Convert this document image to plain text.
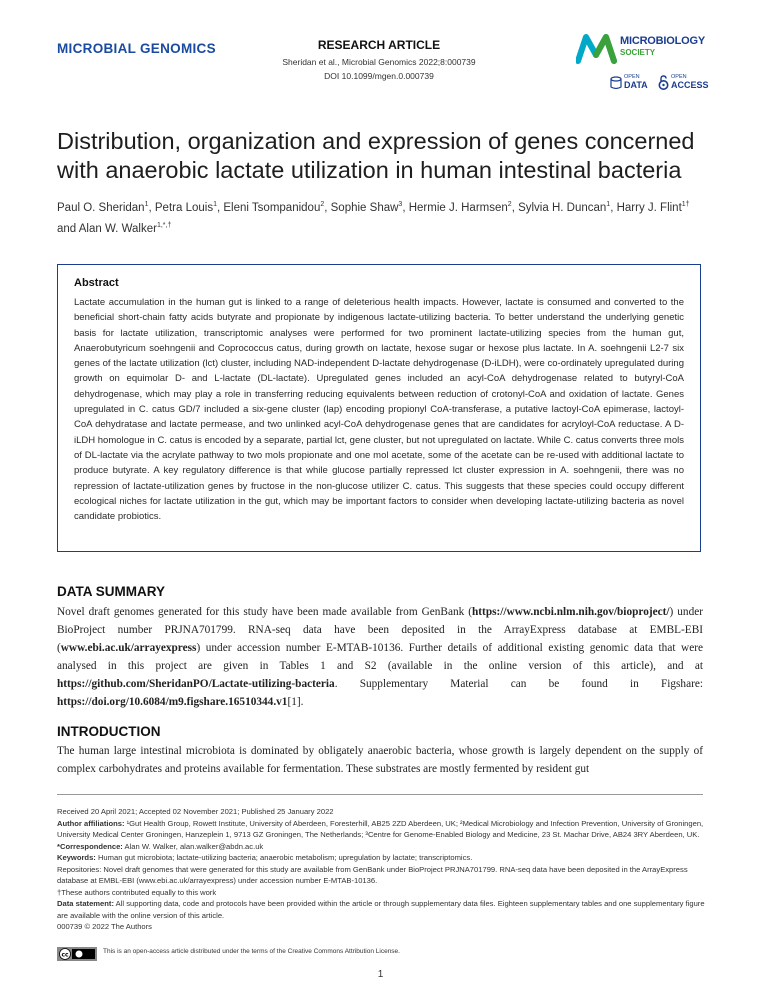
MICROBIAL GENOMICS	RESEARCH ARTICLE
Sheridan et al., Microbial Genomics 2022;8:000739
DOI 10.1099/mgen.0.000739
MICROBIOLOGY
SOCIETY
OPEN
DATA
OPEN
ACCESS
Distribution, organization and expression of genes concerned with anaerobic lactate utilization in human intestinal bacteria
Paul O. Sheridan$^1$, Petra Louis$^1$, Eleni Tsompanidou$^2$, Sophie Shaw$^3$, Hermie J. Harmsen$^2$, Sylvia H. Duncan$^1$, Harry J. Flint$^{1\dagger}$ and Alan W. Walker$^{1,*,\dagger}$
Abstract
Lactate accumulation in the human gut is linked to a range of deleterious health impacts. However, lactate is consumed and converted to the beneficial short-chain fatty acids butyrate and propionate by indigenous lactate-utilizing bacteria. To better understand the underlying genetic basis for lactate utilization, transcriptomic analyses were performed for two prominent lactate-utilizing species from the human gut, Anaerobutyricum soehngenii and Coprococcus catus, during growth on lactate, hexose sugar or hexose plus lactate. In A. soehngenii L2-7 six genes of the lactate utilization (lct) cluster, including NAD-independent D-lactate dehydrogenase (D-iLDH), were co-ordinately upregulated during growth on equimolar D- and L-lactate (DL-lactate). Upregulated genes included an acyl-CoA dehydrogenase related to butyryl-CoA dehydrogenase, which may play a role in transferring reducing equivalents between reduction of crotonyl-CoA and oxidation of lactate. Genes upregulated in C. catus GD/7 included a six-gene cluster (lap) encoding propionyl CoA-transferase, a putative lactoyl-CoA epimerase, lactoyl-CoA dehydratase and lactate permease, and two unlinked acyl-CoA dehydrogenase genes that are candidates for acryloyl-CoA reductase. A D-iLDH homologue in C. catus is encoded by a separate, partial lct, gene cluster, but not upregulated on lactate. While C. catus converts three mols of DL-lactate via the acrylate pathway to two mols propionate and one mol acetate, some of the acetate can be re-used with additional lactate to produce butyrate. A key regulatory difference is that while glucose partially repressed lct cluster expression in A. soehngenii, there was no repression of lactate-utilization genes by fructose in the non-glucose utilizer C. catus. This suggests that these species could occupy different ecological niches for lactate utilization in the gut, which may be important factors to consider when developing lactate-utilizing bacteria as novel candidate probiotics.
DATA SUMMARY
Novel draft genomes generated for this study have been made available from GenBank (https://www.ncbi.nlm.nih.gov/bioproject/) under BioProject number PRJNA701799. RNA-seq data have been deposited in the ArrayExpress database at EMBL-EBI (www.ebi.ac.uk/arrayexpress) under accession number E-MTAB-10136. Further details of additional existing genomic data that were analysed in this project are given in Tables 1 and S2 (available in the online version of this article), and at https://github.com/SheridanPO/Lactate-utilizing-bacteria. Supplementary Material can be found in Figshare: https://doi.org/10.6084/m9.figshare.16510344.v1[1].
INTRODUCTION
The human large intestinal microbiota is dominated by obligately anaerobic bacteria, whose growth is largely dependent on the supply of complex carbohydrates and proteins available for fermentation. These substrates are mostly fermented by resident gut

Received 20 April 2021; Accepted 02 November 2021; Published 25 January 2022

Author affiliations: ¹Gut Health Group, Rowett Institute, University of Aberdeen, Foresterhill, AB25 2ZD Aberdeen, UK; ²Medical Microbiology and Infection Prevention, University of Groningen, University Medical Center Groningen, Hanzeplein 1, 9713 GZ Groningen, The Netherlands; ³Centre for Genome-Enabled Biology and Medicine, 23 St. Machar Drive, AB24 3RY Aberdeen, UK.

*Correspondence: Alan W. Walker, alan.walker@abdn.ac.uk

Keywords: Human gut microbiota; lactate-utilizing bacteria; anaerobic metabolism; upregulation by lactate; transcriptomics.

Repositories: Novel draft genomes that were generated for this study are available from GenBank under BioProject PRJNA701799. RNA-seq data have been deposited in the ArrayExpress database at EMBL-EBI (www.ebi.ac.uk/arrayexpress) under accession number E-MTAB-10136.

†These authors contributed equally to this work

Data statement: All supporting data, code and protocols have been provided within the article or through supplementary data files. Eighteen supplementary tables and one supplementary figure are available with the online version of this article.

000739 © 2022 The Authors

cc	This is an open-access article distributed under the terms of the Creative Commons Attribution License.
1
